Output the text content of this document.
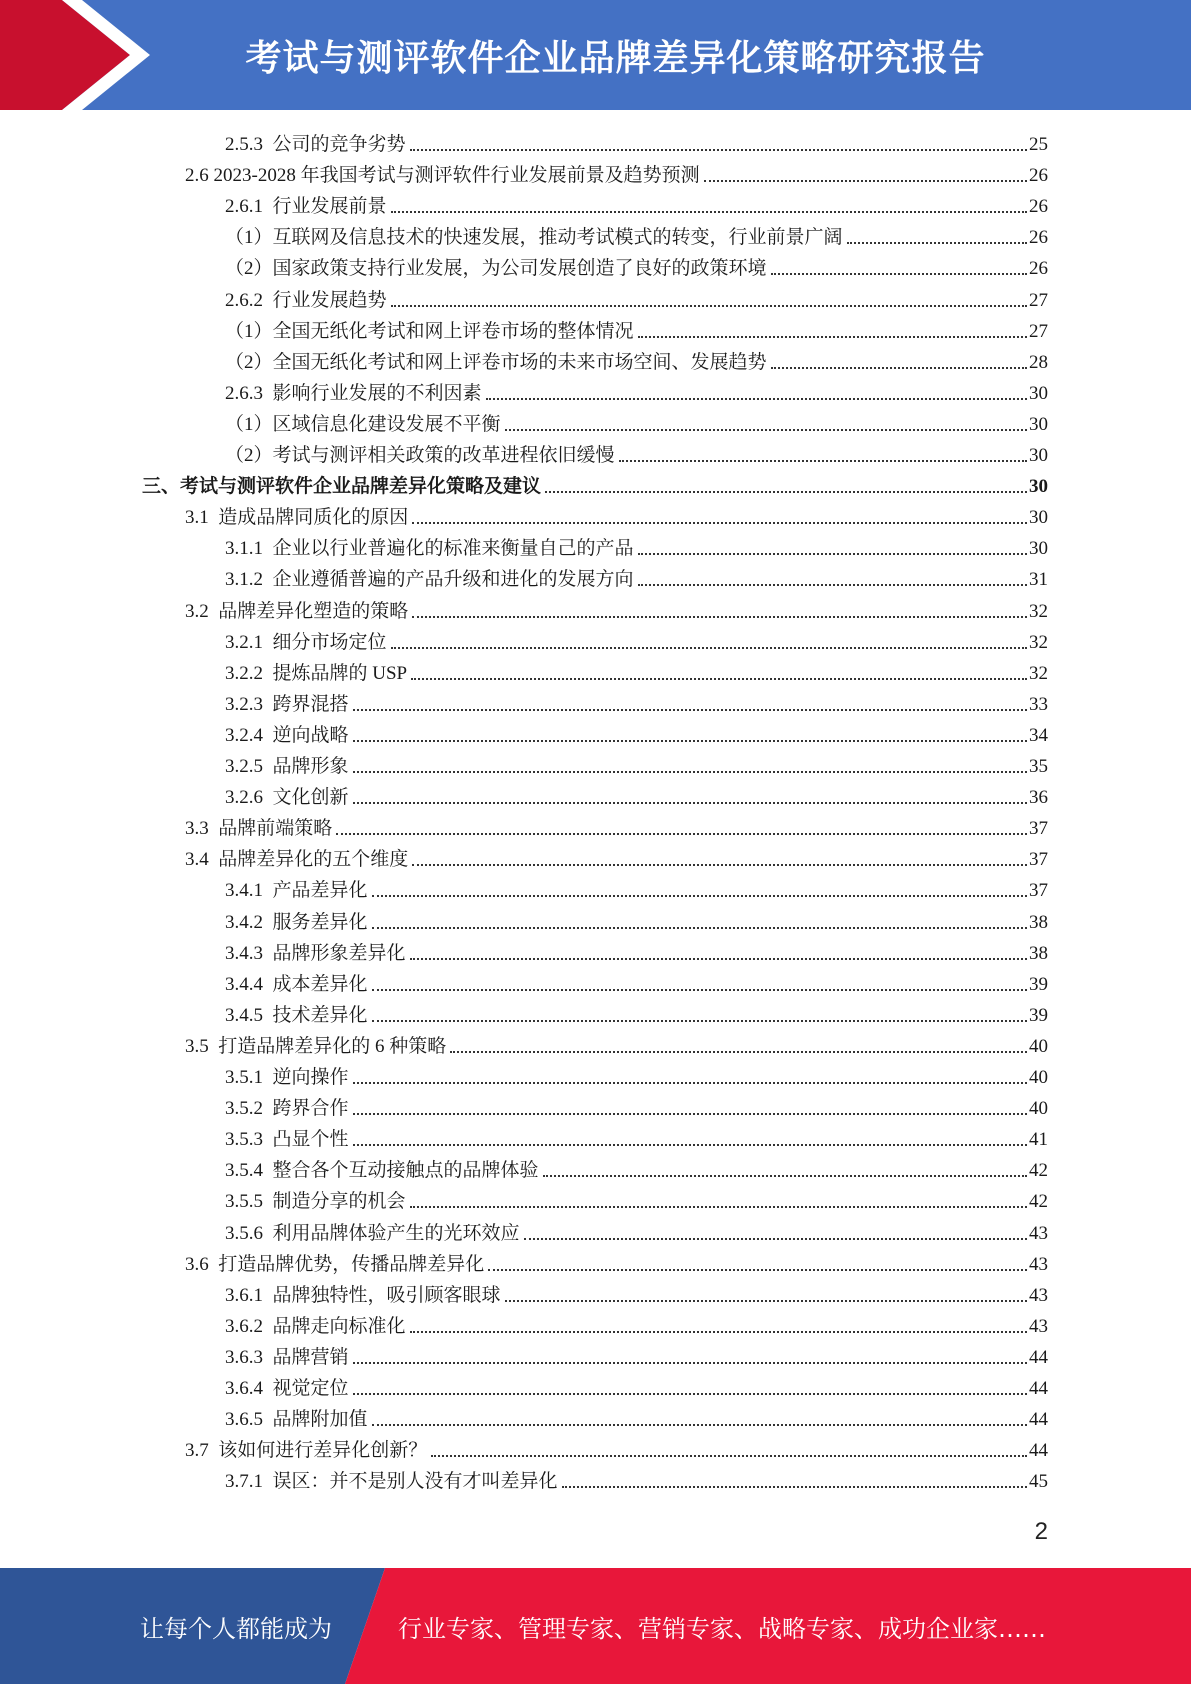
考试与测评软件企业品牌差异化策略研究报告
2.5.3  公司的竞争劣势	25
2.6 2023-2028 年我国考试与测评软件行业发展前景及趋势预测	26
2.6.1  行业发展前景	26
（1）互联网及信息技术的快速发展，推动考试模式的转变，行业前景广阔	26
（2）国家政策支持行业发展，为公司发展创造了良好的政策环境	26
2.6.2  行业发展趋势	27
（1）全国无纸化考试和网上评卷市场的整体情况	27
（2）全国无纸化考试和网上评卷市场的未来市场空间、发展趋势	28
2.6.3  影响行业发展的不利因素	30
（1）区域信息化建设发展不平衡	30
（2）考试与测评相关政策的改革进程依旧缓慢	30
三、考试与测评软件企业品牌差异化策略及建议	30
3.1  造成品牌同质化的原因	30
3.1.1  企业以行业普遍化的标准来衡量自己的产品	30
3.1.2  企业遵循普遍的产品升级和进化的发展方向	31
3.2  品牌差异化塑造的策略	32
3.2.1  细分市场定位	32
3.2.2  提炼品牌的 USP	32
3.2.3  跨界混搭	33
3.2.4  逆向战略	34
3.2.5  品牌形象	35
3.2.6  文化创新	36
3.3  品牌前端策略	37
3.4  品牌差异化的五个维度	37
3.4.1  产品差异化	37
3.4.2  服务差异化	38
3.4.3  品牌形象差异化	38
3.4.4  成本差异化	39
3.4.5  技术差异化	39
3.5  打造品牌差异化的 6 种策略	40
3.5.1  逆向操作	40
3.5.2  跨界合作	40
3.5.3  凸显个性	41
3.5.4  整合各个互动接触点的品牌体验	42
3.5.5  制造分享的机会	42
3.5.6  利用品牌体验产生的光环效应	43
3.6  打造品牌优势，传播品牌差异化	43
3.6.1  品牌独特性，吸引顾客眼球	43
3.6.2  品牌走向标准化	43
3.6.3  品牌营销	44
3.6.4  视觉定位	44
3.6.5  品牌附加值	44
3.7  该如何进行差异化创新？	44
3.7.1  误区：并不是别人没有才叫差异化	45
2
让每个人都能成为	行业专家、管理专家、营销专家、战略专家、成功企业家……
